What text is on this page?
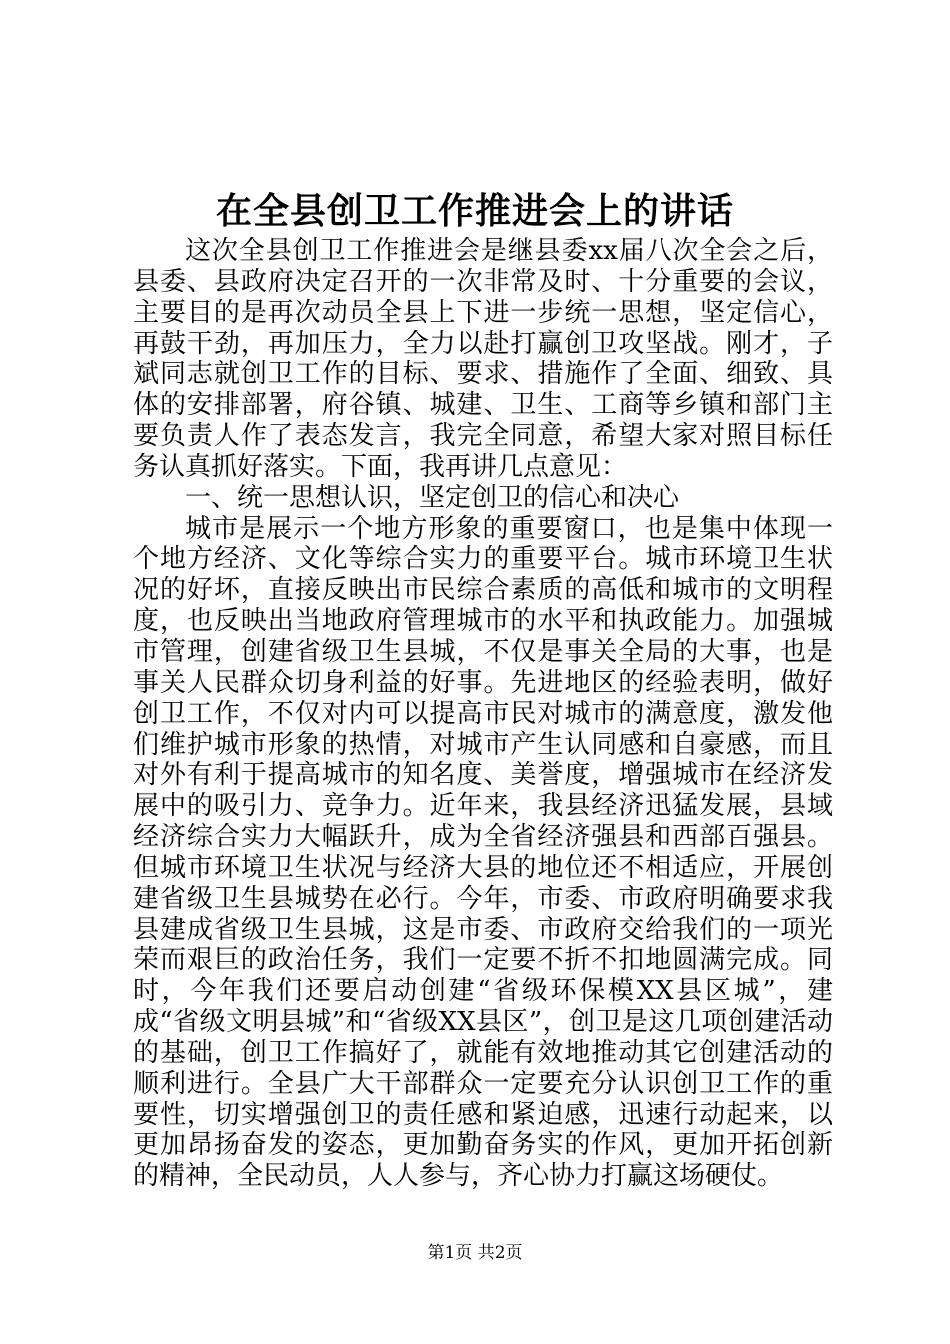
在全县创卫工作推进会上的讲话

这次全县创卫工作推进会是继县委xx届八次全会之后，县委、县政府决定召开的一次非常及时、十分重要的会议，主要目的是再次动员全县上下进一步统一思想，坚定信心，再鼓干劲，再加压力，全力以赴打赢创卫攻坚战。刚才，子斌同志就创卫工作的目标、要求、措施作了全面、细致、具体的安排部署，府谷镇、城建、卫生、工商等乡镇和部门主要负责人作了表态发言，我完全同意，希望大家对照目标任务认真抓好落实。下面，我再讲几点意见：

一、统一思想认识，坚定创卫的信心和决心

城市是展示一个地方形象的重要窗口，也是集中体现一个地方经济、文化等综合实力的重要平台。城市环境卫生状况的好坏，直接反映出市民综合素质的高低和城市的文明程度，也反映出当地政府管理城市的水平和执政能力。加强城市管理，创建省级卫生县城，不仅是事关全局的大事，也是事关人民群众切身利益的好事。先进地区的经验表明，做好创卫工作，不仅对内可以提高市民对城市的满意度，激发他们维护城市形象的热情，对城市产生认同感和自豪感，而且对外有利于提高城市的知名度、美誉度，增强城市在经济发展中的吸引力、竞争力。近年来，我县经济迅猛发展，县域经济综合实力大幅跃升，成为全省经济强县和西部百强县。但城市环境卫生状况与经济大县的地位还不相适应，开展创建省级卫生县城势在必行。今年，市委、市政府明确要求我县建成省级卫生县城，这是市委、市政府交给我们的一项光荣而艰巨的政治任务，我们一定要不折不扣地圆满完成。同时，今年我们还要启动创建“省级环保模XX县区城”，建成“省级文明县城”和“省级XX县区”，创卫是这几项创建活动的基础，创卫工作搞好了，就能有效地推动其它创建活动的顺利进行。全县广大干部群众一定要充分认识创卫工作的重要性，切实增强创卫的责任感和紧迫感，迅速行动起来，以更加昂扬奋发的姿态，更加勤奋务实的作风，更加开拓创新的精神，全民动员，人人参与，齐心协力打赢这场硬仗。

第1页 共2页
